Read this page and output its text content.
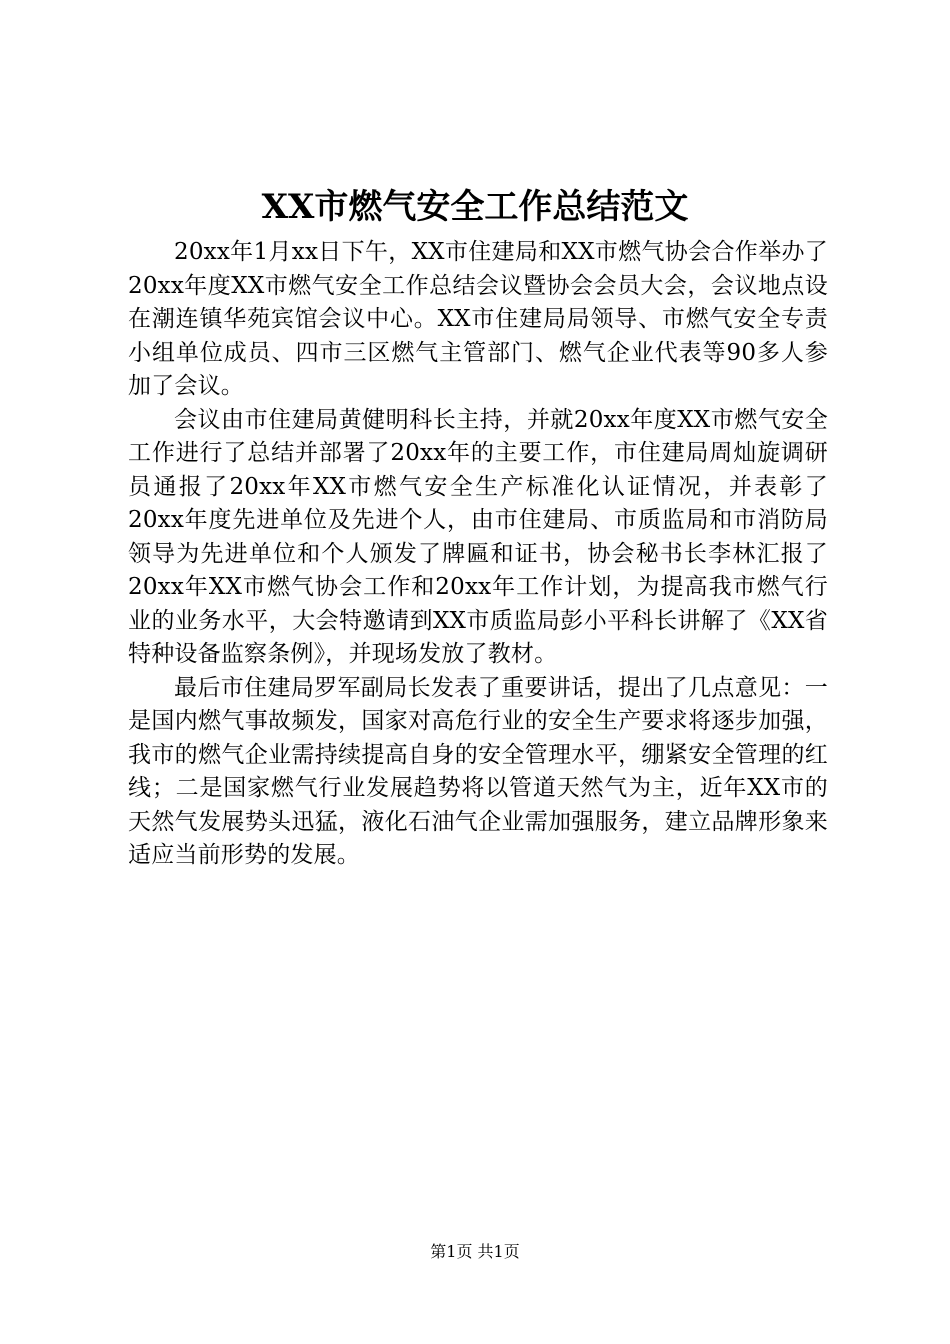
XX市燃气安全工作总结范文

20xx年1月xx日下午，XX市住建局和XX市燃气协会合作举办了20xx年度XX市燃气安全工作总结会议暨协会会员大会，会议地点设在潮连镇华苑宾馆会议中心。XX市住建局局领导、市燃气安全专责小组单位成员、四市三区燃气主管部门、燃气企业代表等90多人参加了会议。

会议由市住建局黄健明科长主持，并就20xx年度XX市燃气安全工作进行了总结并部署了20xx年的主要工作，市住建局周灿旋调研员通报了20xx年XX市燃气安全生产标准化认证情况，并表彰了20xx年度先进单位及先进个人，由市住建局、市质监局和市消防局领导为先进单位和个人颁发了牌匾和证书，协会秘书长李林汇报了20xx年XX市燃气协会工作和20xx年工作计划，为提高我市燃气行业的业务水平，大会特邀请到XX市质监局彭小平科长讲解了《XX省特种设备监察条例》，并现场发放了教材。

最后市住建局罗军副局长发表了重要讲话，提出了几点意见：一是国内燃气事故频发，国家对高危行业的安全生产要求将逐步加强，我市的燃气企业需持续提高自身的安全管理水平，绷紧安全管理的红线；二是国家燃气行业发展趋势将以管道天然气为主，近年XX市的天然气发展势头迅猛，液化石油气企业需加强服务，建立品牌形象来适应当前形势的发展。

第1页 共1页
